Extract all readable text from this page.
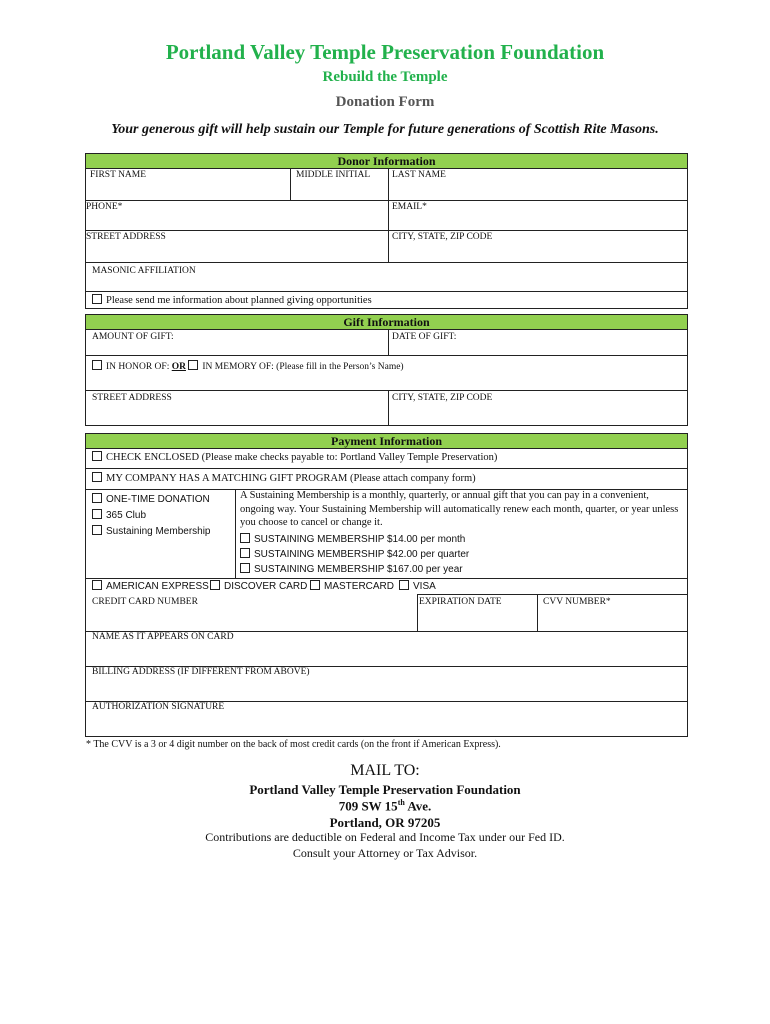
Portland Valley Temple Preservation Foundation
Rebuild the Temple
Donation Form
Your generous gift will help sustain our Temple for future generations of Scottish Rite Masons.
Donor Information
FIRST NAME	MIDDLE INITIAL LAST NAME
PHONE*	EMAIL*
STREET ADDRESS	CITY, STATE, ZIP CODE
MASONIC AFFILIATION
Please send me information about planned giving opportunities
Gift Information
AMOUNT OF GIFT:	DATE OF GIFT:
IN HONOR OF: OR IN MEMORY OF: (Please fill in the Person’s Name)
STREET ADDRESS	CITY, STATE, ZIP CODE
Payment Information
CHECK ENCLOSED (Please make checks payable to: Portland Valley Temple Preservation)
MY COMPANY HAS A MATCHING GIFT PROGRAM (Please attach company form)
ONE-TIME DONATION
365 Club
Sustaining Membership
A Sustaining Membership is a monthly, quarterly, or annual gift that you can pay in a convenient, ongoing way. Your Sustaining Membership will automatically renew each month, quarter, or year unless you choose to cancel or change it.
SUSTAINING MEMBERSHIP $14.00 per month
SUSTAINING MEMBERSHIP $42.00 per quarter
SUSTAINING MEMBERSHIP $167.00 per year
AMERICAN EXPRESS	DISCOVER CARD	MASTERCARD	VISA
CREDIT CARD NUMBER	EXPIRATION DATE	CVV NUMBER*
NAME AS IT APPEARS ON CARD
BILLING ADDRESS (IF DIFFERENT FROM ABOVE)
AUTHORIZATION SIGNATURE
* The CVV is a 3 or 4 digit number on the back of most credit cards (on the front if American Express).
MAIL TO:
Portland Valley Temple Preservation Foundation
709 SW 15th Ave.
Portland, OR 97205
Contributions are deductible on Federal and Income Tax under our Fed ID.
Consult your Attorney or Tax Advisor.
